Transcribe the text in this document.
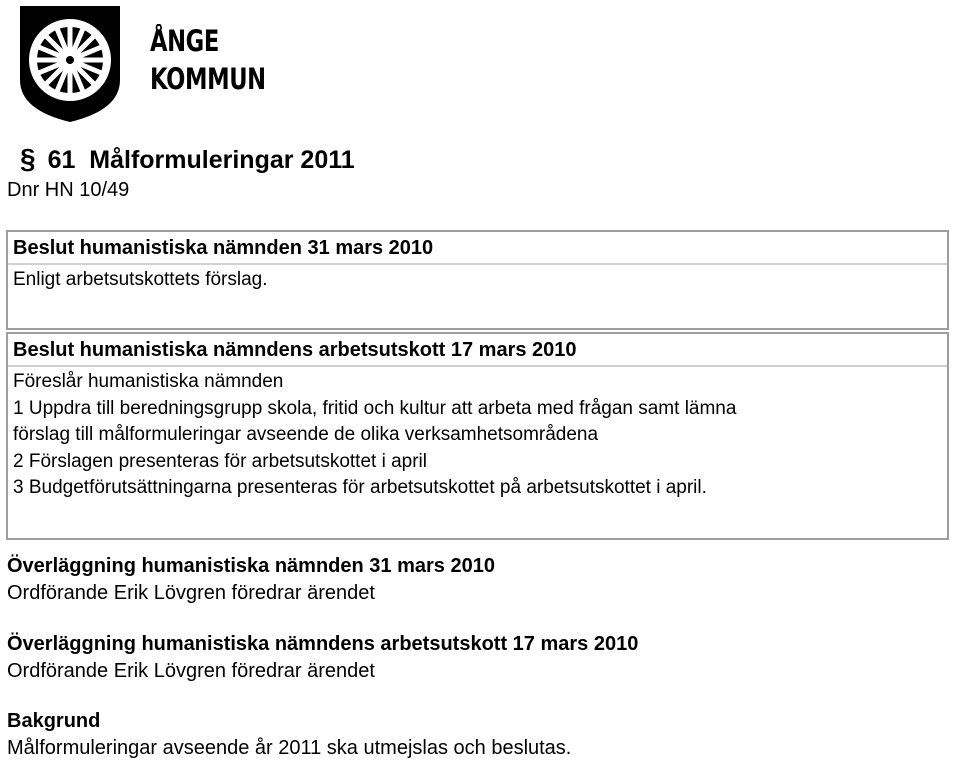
ÅNGE
KOMMUN
§ 61  Målformuleringar 2011
Dnr HN 10/49
Beslut humanistiska nämnden 31 mars 2010
Enligt arbetsutskottets förslag.
Beslut humanistiska nämndens arbetsutskott 17 mars 2010
Föreslår humanistiska nämnden
1 Uppdra till beredningsgrupp skola, fritid och kultur att arbeta med frågan samt lämna
förslag till målformuleringar avseende de olika verksamhetsområdena
2 Förslagen presenteras för arbetsutskottet i april
3 Budgetförutsättningarna presenteras för arbetsutskottet på arbetsutskottet i april.
Överläggning humanistiska nämnden 31 mars 2010
Ordförande Erik Lövgren föredrar ärendet
Överläggning humanistiska nämndens arbetsutskott 17 mars 2010
Ordförande Erik Lövgren föredrar ärendet
Bakgrund
Målformuleringar avseende år 2011 ska utmejslas och beslutas.
